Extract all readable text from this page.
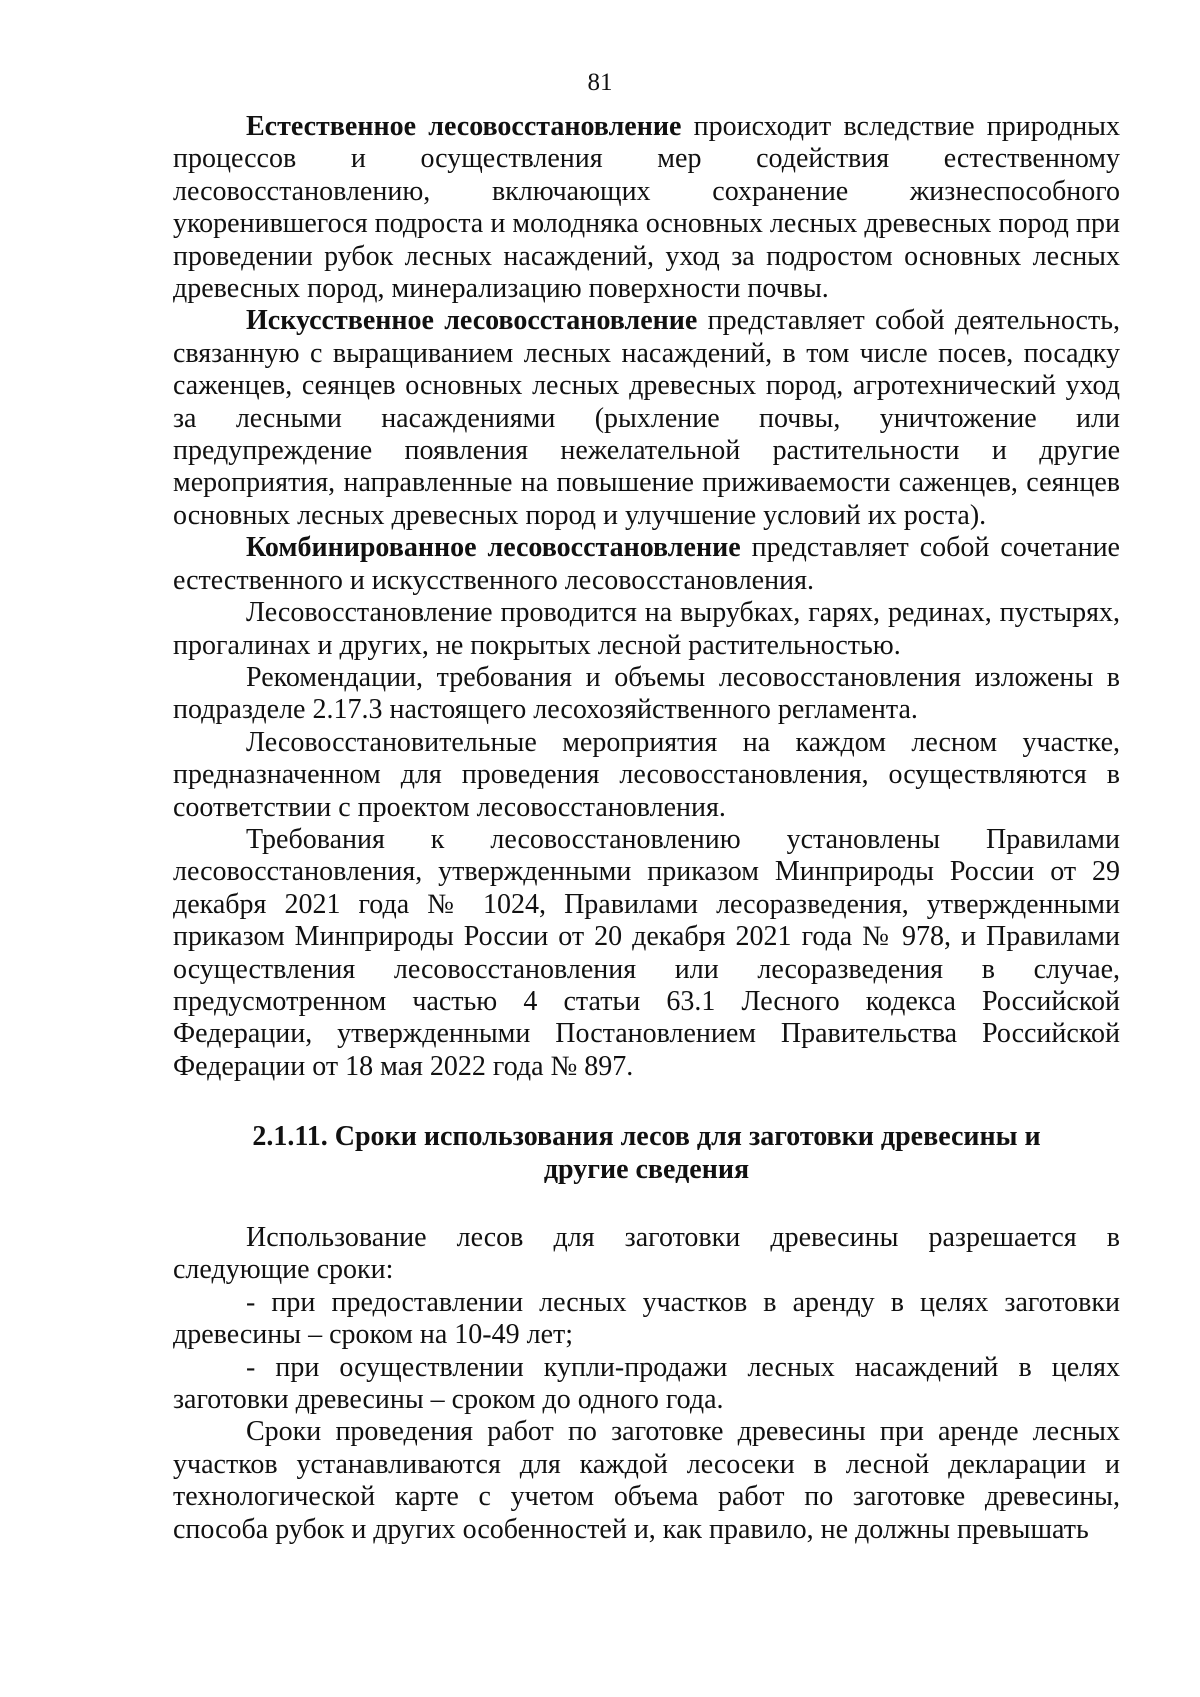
81

Естественное лесовосстановление происходит вследствие природных процессов и осуществления мер содействия естественному лесовосстановлению, включающих сохранение жизнеспособного укоренившегося подроста и молодняка основных лесных древесных пород при проведении рубок лесных насаждений, уход за подростом основных лесных древесных пород, минерализацию поверхности почвы.

Искусственное лесовосстановление представляет собой деятельность, связанную с выращиванием лесных насаждений, в том числе посев, посадку саженцев, сеянцев основных лесных древесных пород, агротехнический уход за лесными насаждениями (рыхление почвы, уничтожение или предупреждение появления нежелательной растительности и другие мероприятия, направленные на повышение приживаемости саженцев, сеянцев основных лесных древесных пород и улучшение условий их роста).

Комбинированное лесовосстановление представляет собой сочетание естественного и искусственного лесовосстановления.

Лесовосстановление проводится на вырубках, гарях, рединах, пустырях, прогалинах и других, не покрытых лесной растительностью.

Рекомендации, требования и объемы лесовосстановления изложены в подразделе 2.17.3 настоящего лесохозяйственного регламента.

Лесовосстановительные мероприятия на каждом лесном участке, предназначенном для проведения лесовосстановления, осуществляются в соответствии с проектом лесовосстановления.

Требования к лесовосстановлению установлены Правилами лесовосстановления, утвержденными приказом Минприроды России от 29 декабря 2021 года № 1024, Правилами лесоразведения, утвержденными приказом Минприроды России от 20 декабря 2021 года № 978, и Правилами осуществления лесовосстановления или лесоразведения в случае, предусмотренном частью 4 статьи 63.1 Лесного кодекса Российской Федерации, утвержденными Постановлением Правительства Российской Федерации от 18 мая 2022 года № 897.

2.1.11. Сроки использования лесов для заготовки древесины и другие сведения

Использование лесов для заготовки древесины разрешается в следующие сроки:

- при предоставлении лесных участков в аренду в целях заготовки древесины – сроком на 10-49 лет;

- при осуществлении купли-продажи лесных насаждений в целях заготовки древесины – сроком до одного года.

Сроки проведения работ по заготовке древесины при аренде лесных участков устанавливаются для каждой лесосеки в лесной декларации и технологической карте с учетом объема работ по заготовке древесины, способа рубок и других особенностей и, как правило, не должны превышать
